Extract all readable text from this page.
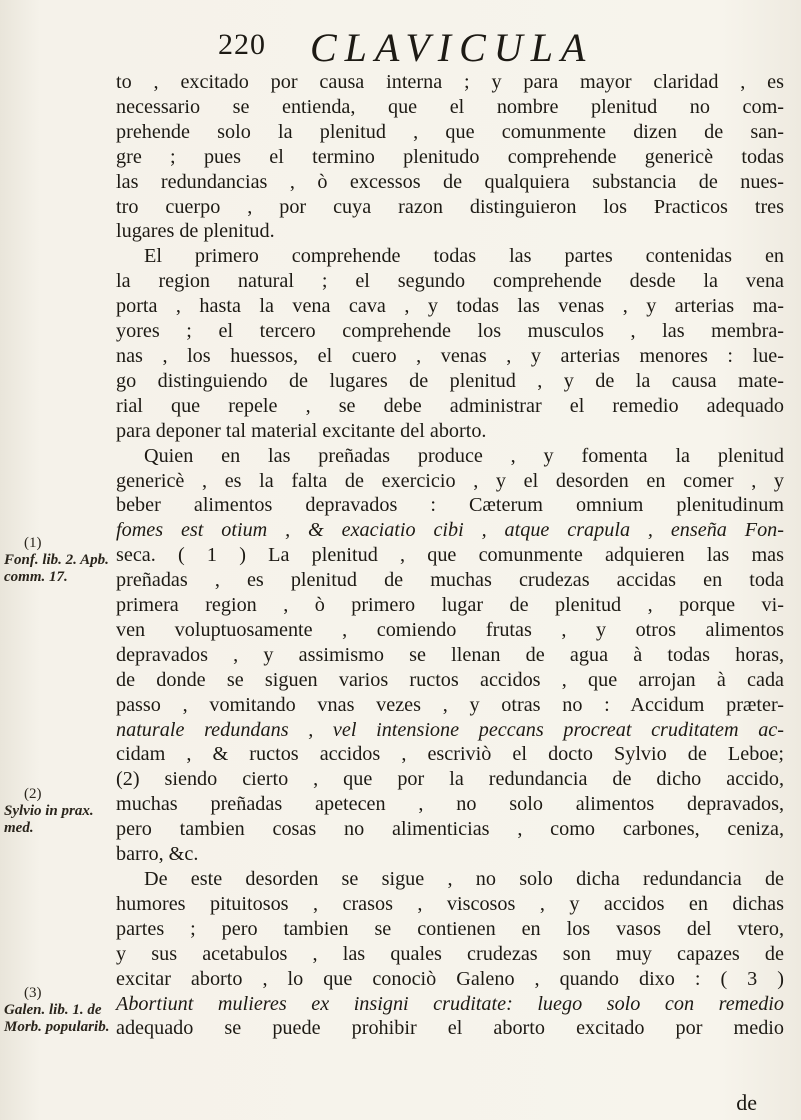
220 CLAVICULA
to , excitado por causa interna ; y para mayor claridad , es
necessario se entienda, que el nombre plenitud no com-
prehende solo la plenitud , que comunmente dizen de san-
gre ; pues el termino plenitudo comprehende genericè todas
las redundancias , ò excessos de qualquiera substancia de nues-
tro cuerpo , por cuya razon distinguieron los Practicos tres
lugares de plenitud.
El primero comprehende todas las partes contenidas en
la region natural ; el segundo comprehende desde la vena
porta , hasta la vena cava , y todas las venas , y arterias ma-
yores ; el tercero comprehende los musculos , las membra-
nas , los huessos, el cuero , venas , y arterias menores : lue-
go distinguiendo de lugares de plenitud , y de la causa mate-
rial que repele , se debe administrar el remedio adequado
para deponer tal material excitante del aborto.
Quien en las preñadas produce , y fomenta la plenitud
genericè , es la falta de exercicio , y el desorden en comer , y
beber alimentos depravados : Cæterum omnium plenitudinum
fomes est otium , & exaciatio cibi , atque crapula , enseña Fon-
seca. ( 1 ) La plenitud , que comunmente adquieren las mas
preñadas , es plenitud de muchas crudezas accidas en toda
primera region , ò primero lugar de plenitud , porque vi-
ven voluptuosamente , comiendo frutas , y otros alimentos
depravados , y assimismo se llenan de agua à todas horas,
de donde se siguen varios ructos accidos , que arrojan à cada
passo , vomitando vnas vezes , y otras no : Accidum præter-
naturale redundans , vel intensione peccans procreat cruditatem ac-
cidam , & ructos accidos , escriviò el docto Sylvio de Leboe;
(2) siendo cierto , que por la redundancia de dicho accido,
muchas preñadas apetecen , no solo alimentos depravados,
pero tambien cosas no alimenticias , como carbones, ceniza,
barro, &c.
De este desorden se sigue , no solo dicha redundancia de
humores pituitosos , crasos , viscosos , y accidos en dichas
partes ; pero tambien se contienen en los vasos del vtero,
y sus acetabulos , las quales crudezas son muy capazes de
excitar aborto , lo que conociò Galeno , quando dixo : ( 3 )
Abortiunt mulieres ex insigni cruditate: luego solo con remedio
adequado se puede prohibir el aborto excitado por medio
(1)
Fonf. lib. 2. Apb. comm. 17.
(2)
Sylvio in prax. med.
(3)
Galen. lib. 1. de Morb. popularib.
de
